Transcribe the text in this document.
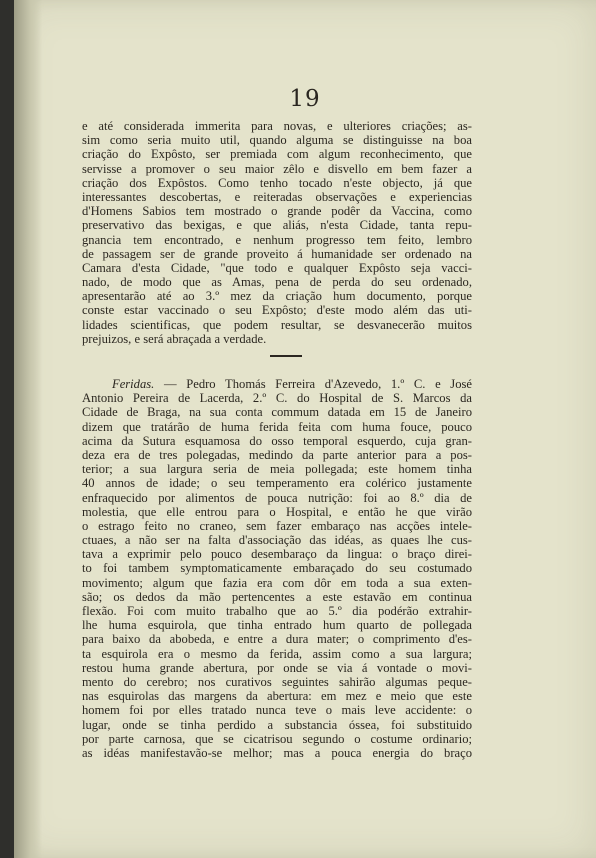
19
e até considerada immerita para novas, e ulteriores criações; as-
sim como seria muito util, quando alguma se distinguisse na boa
criação do Expôsto, ser premiada com algum reconhecimento, que
servisse a promover o seu maior zêlo e disvello em bem fazer a
criação dos Expôstos. Como tenho tocado n'este objecto, já que
interessantes descobertas, e reiteradas observações e experiencias
d'Homens Sabios tem mostrado o grande podêr da Vaccina, como
preservativo das bexigas, e que aliás, n'esta Cidade, tanta repu-
gnancia tem encontrado, e nenhum progresso tem feito, lembro
de passagem ser de grande proveito á humanidade ser ordenado na
Camara d'esta Cidade, "que todo e qualquer Expôsto seja vacci-
nado, de modo que as Amas, pena de perda do seu ordenado,
apresentarão até ao 3.º mez da criação hum documento, porque
conste estar vaccinado o seu Expôsto; d'este modo além das uti-
lidades scientificas, que podem resultar, se desvanecerão muitos
prejuizos, e será abraçada a verdade.
Feridas. — Pedro Thomás Ferreira d'Azevedo, 1.º C. e José
Antonio Pereira de Lacerda, 2.º C. do Hospital de S. Marcos da
Cidade de Braga, na sua conta commum datada em 15 de Janeiro
dizem que tratárão de huma ferida feita com huma fouce, pouco
acima da Sutura esquamosa do osso temporal esquerdo, cuja gran-
deza era de tres polegadas, medindo da parte anterior para a pos-
terior; a sua largura seria de meia pollegada; este homem tinha
40 annos de idade; o seu temperamento era colérico justamente
enfraquecido por alimentos de pouca nutrição: foi ao 8.º dia de
molestia, que elle entrou para o Hospital, e então he que virão
o estrago feito no craneo, sem fazer embaraço nas acções intele-
ctuaes, a não ser na falta d'associação das idéas, as quaes lhe cus-
tava a exprimir pelo pouco desembaraço da lingua: o braço direi-
to foi tambem symptomaticamente embaraçado do seu costumado
movimento; algum que fazia era com dôr em toda a sua exten-
são; os dedos da mão pertencentes a este estavão em continua
flexão. Foi com muito trabalho que ao 5.º dia podérão extrahir-
lhe huma esquirola, que tinha entrado hum quarto de pollegada
para baixo da abobeda, e entre a dura mater; o comprimento d'es-
ta esquirola era o mesmo da ferida, assim como a sua largura;
restou huma grande abertura, por onde se via á vontade o movi-
mento do cerebro; nos curativos seguintes sahirão algumas peque-
nas esquirolas das margens da abertura: em mez e meio que este
homem foi por elles tratado nunca teve o mais leve accidente: o
lugar, onde se tinha perdido a substancia óssea, foi substituido
por parte carnosa, que se cicatrisou segundo o costume ordinario;
as idéas manifestavão-se melhor; mas a pouca energia do braço
